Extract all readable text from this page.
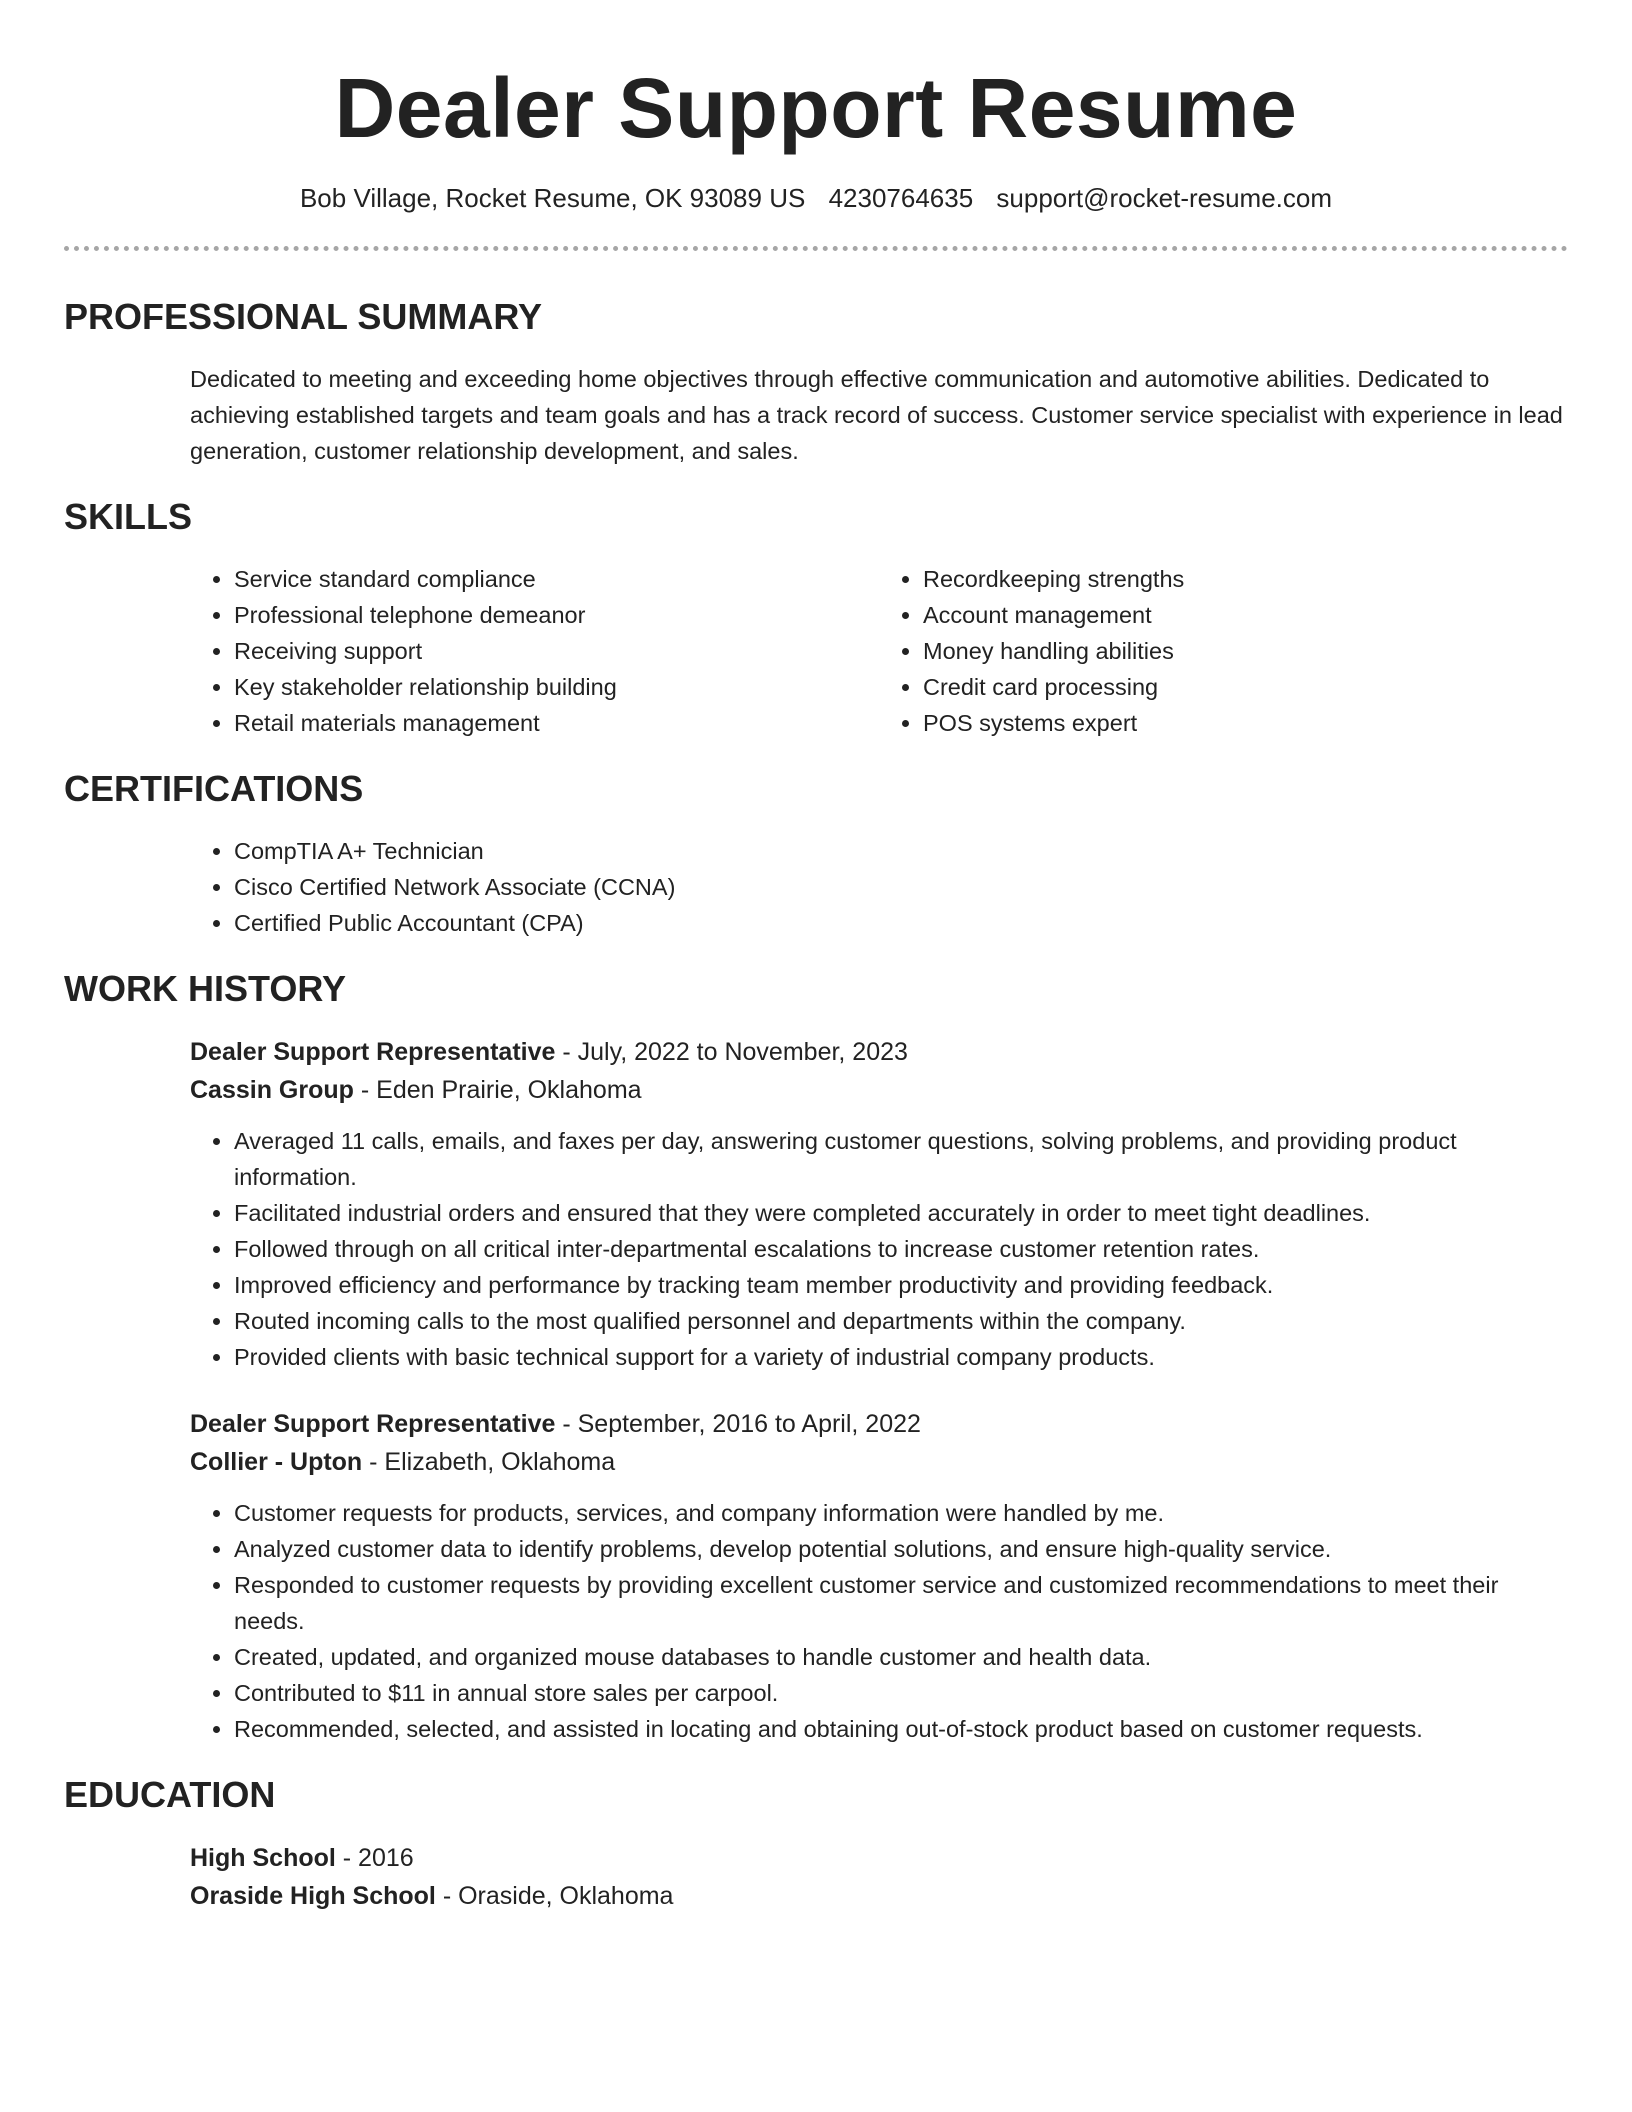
Dealer Support Resume
Bob Village, Rocket Resume, OK 93089 US 4230764635 support@rocket-resume.com
PROFESSIONAL SUMMARY
Dedicated to meeting and exceeding home objectives through effective communication and automotive abilities. Dedicated to achieving established targets and team goals and has a track record of success. Customer service specialist with experience in lead generation, customer relationship development, and sales.
SKILLS
• Service standard compliance
• Professional telephone demeanor
• Receiving support
• Key stakeholder relationship building
• Retail materials management
• Recordkeeping strengths
• Account management
• Money handling abilities
• Credit card processing
• POS systems expert
CERTIFICATIONS
• CompTIA A+ Technician
• Cisco Certified Network Associate (CCNA)
• Certified Public Accountant (CPA)
WORK HISTORY
Dealer Support Representative - July, 2022 to November, 2023
Cassin Group - Eden Prairie, Oklahoma
• Averaged 11 calls, emails, and faxes per day, answering customer questions, solving problems, and providing product information.
• Facilitated industrial orders and ensured that they were completed accurately in order to meet tight deadlines.
• Followed through on all critical inter-departmental escalations to increase customer retention rates.
• Improved efficiency and performance by tracking team member productivity and providing feedback.
• Routed incoming calls to the most qualified personnel and departments within the company.
• Provided clients with basic technical support for a variety of industrial company products.
Dealer Support Representative - September, 2016 to April, 2022
Collier - Upton - Elizabeth, Oklahoma
• Customer requests for products, services, and company information were handled by me.
• Analyzed customer data to identify problems, develop potential solutions, and ensure high-quality service.
• Responded to customer requests by providing excellent customer service and customized recommendations to meet their needs.
• Created, updated, and organized mouse databases to handle customer and health data.
• Contributed to $11 in annual store sales per carpool.
• Recommended, selected, and assisted in locating and obtaining out-of-stock product based on customer requests.
EDUCATION
High School - 2016
Oraside High School - Oraside, Oklahoma
